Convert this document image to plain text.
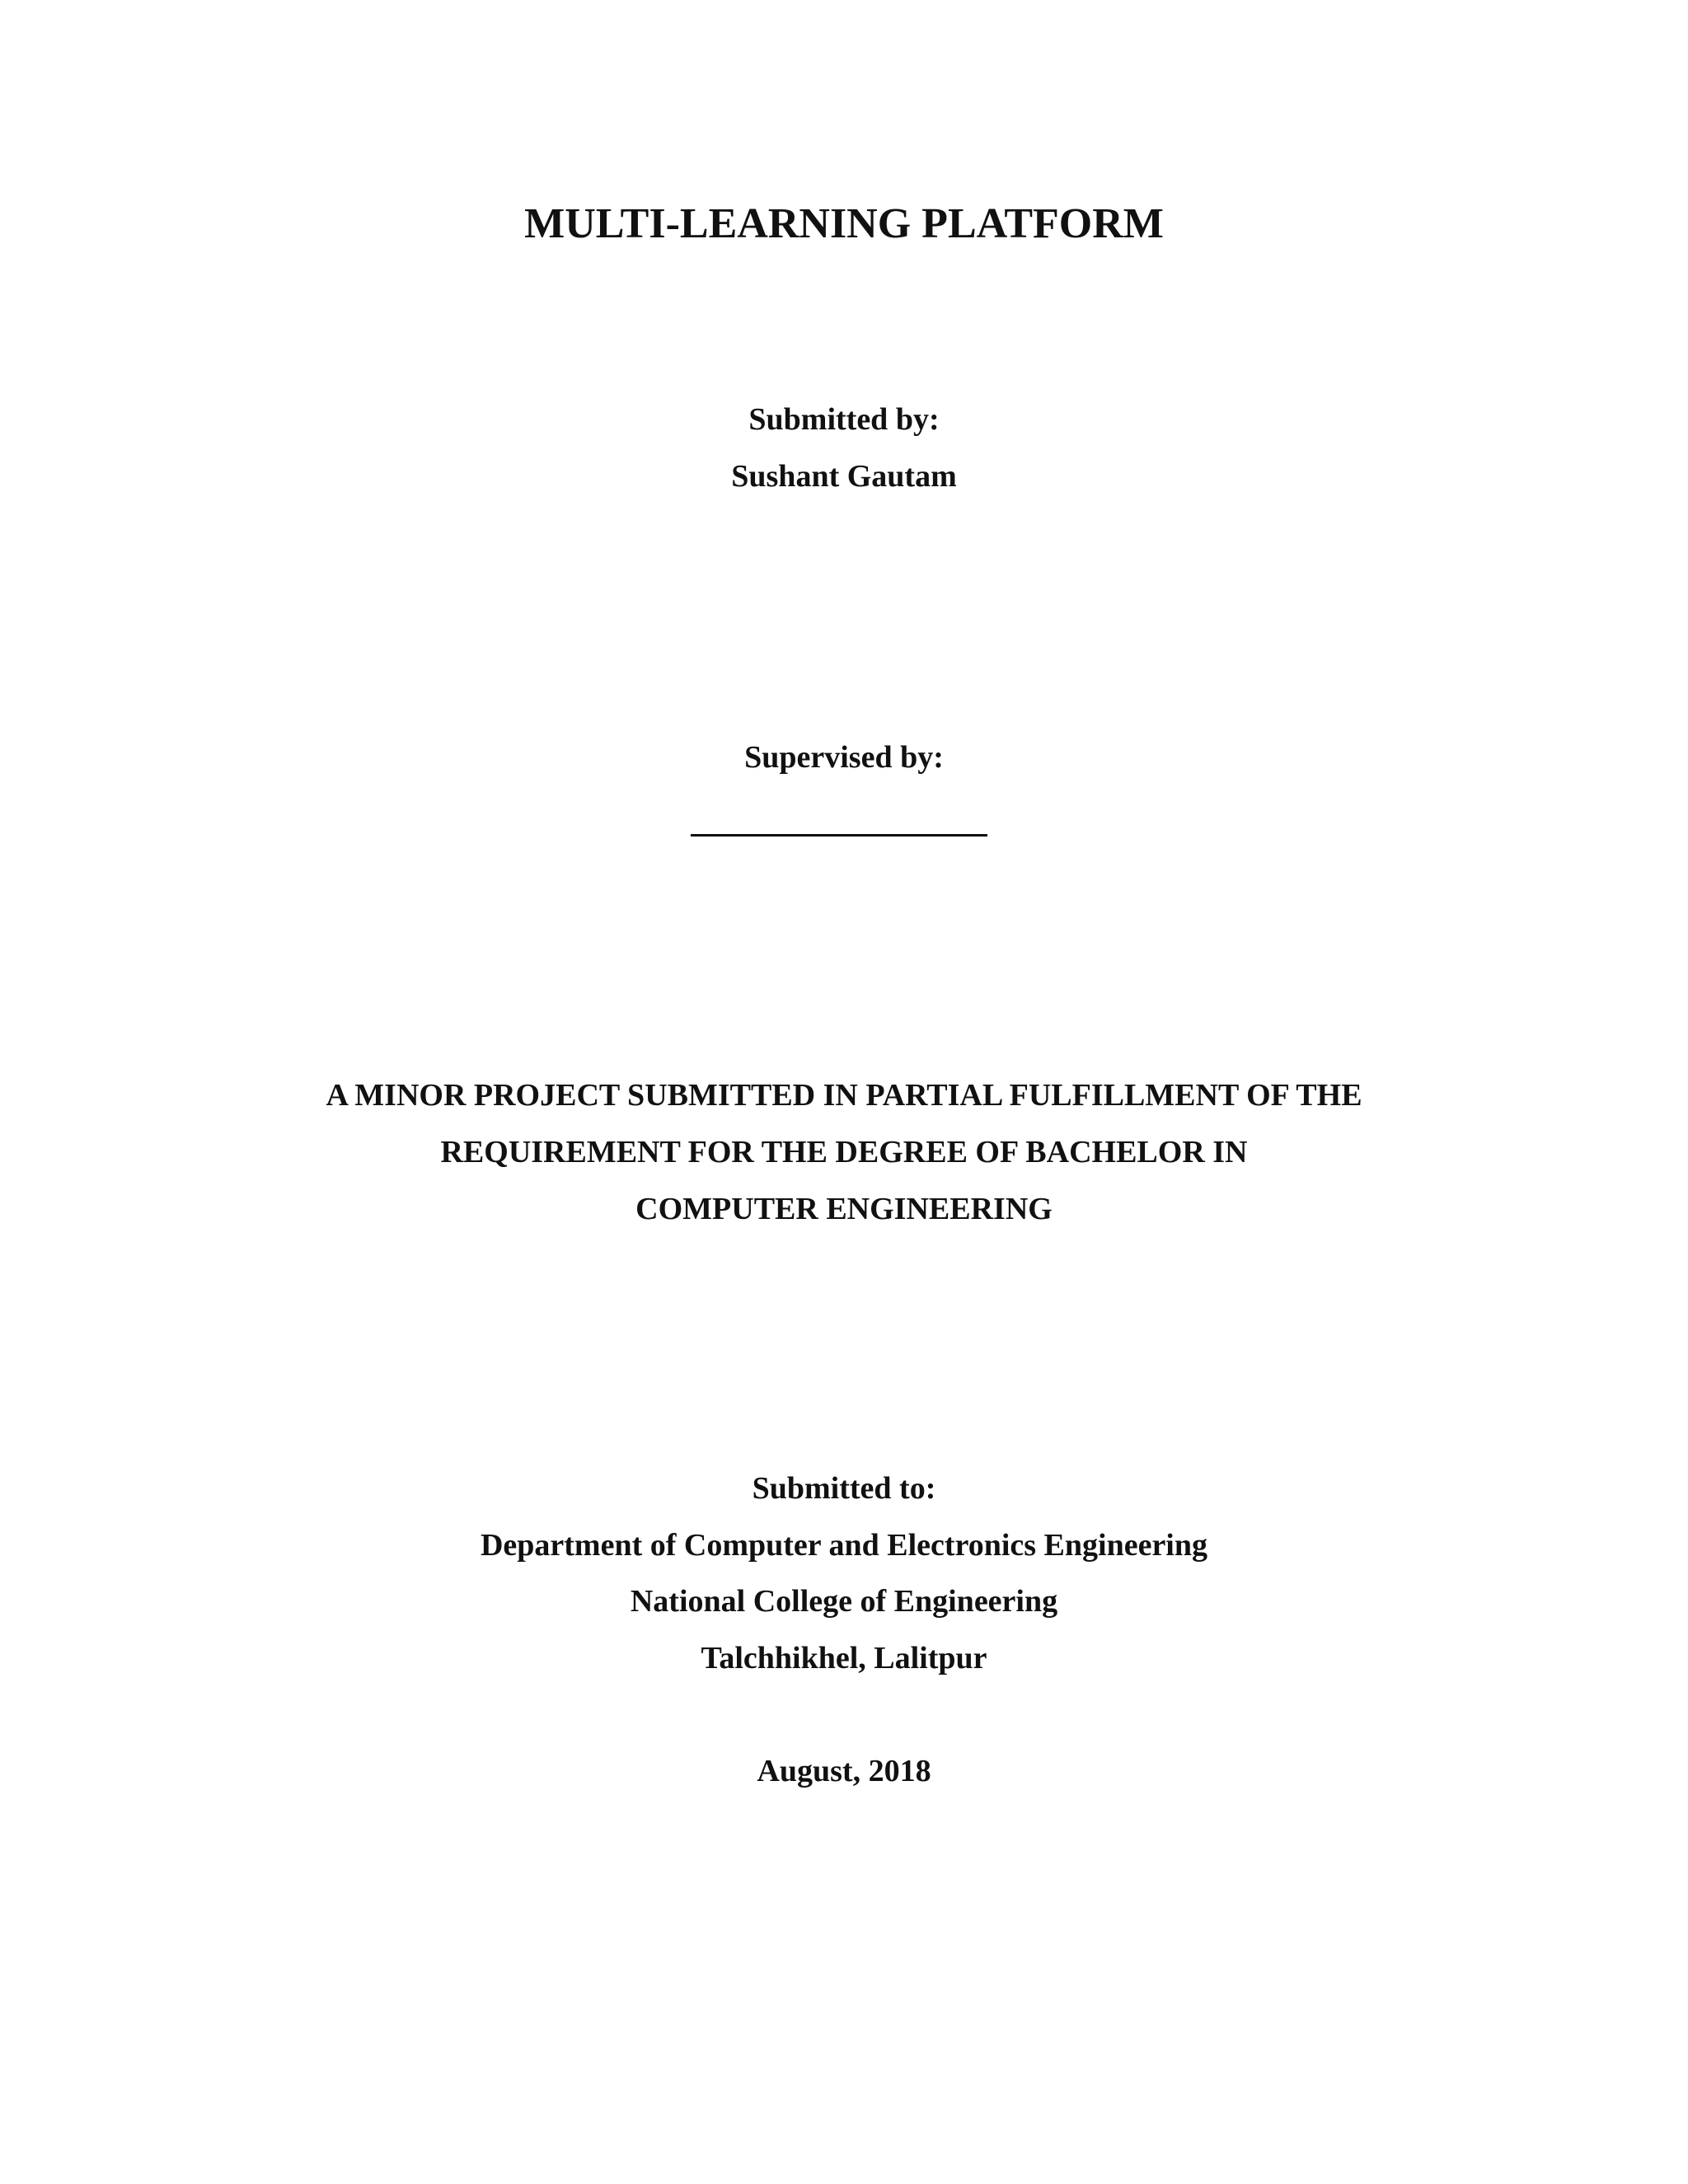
MULTI-LEARNING PLATFORM
Submitted by:
Sushant Gautam
Supervised by:
A MINOR PROJECT SUBMITTED IN PARTIAL FULFILLMENT OF THE
REQUIREMENT FOR THE DEGREE OF BACHELOR IN
COMPUTER ENGINEERING
Submitted to:
Department of Computer and Electronics Engineering
National College of Engineering
Talchhikhel, Lalitpur
August, 2018
